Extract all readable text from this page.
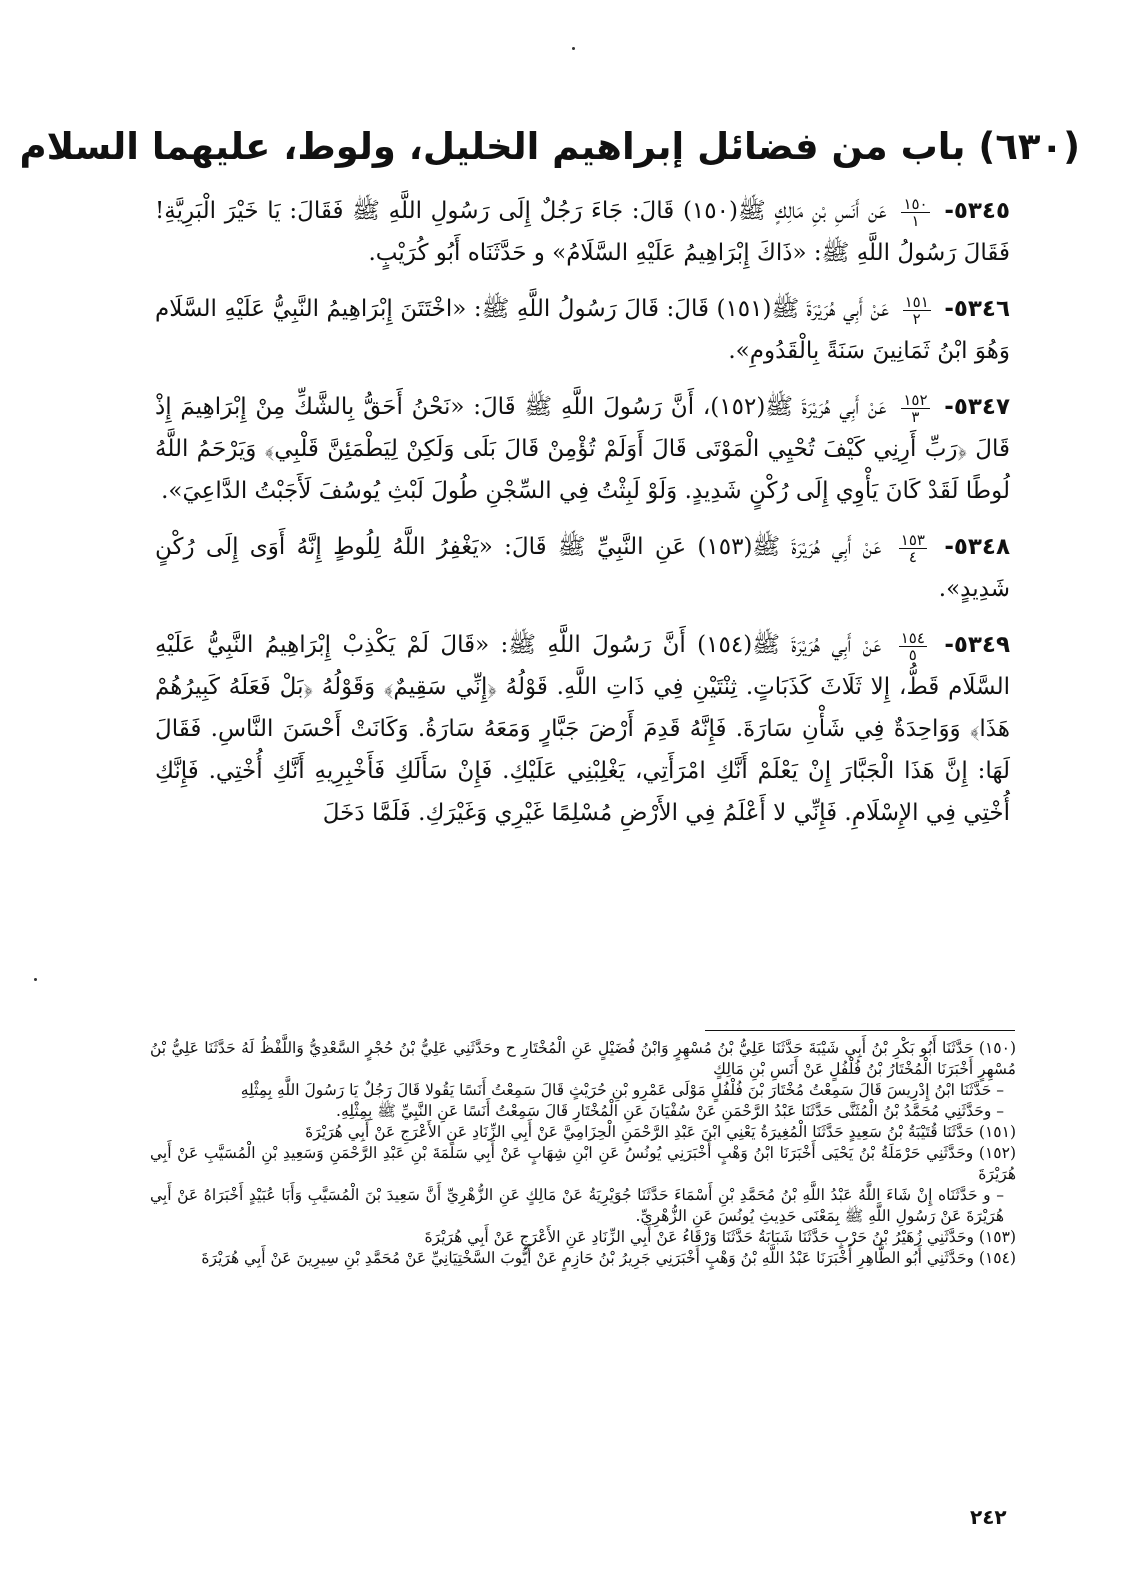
(٦٣٠) باب من فضائل إبراهيم الخليل، ولوط، عليهما السلام

٥٣٤٥-
$\frac{١٥٠}{١}$
عَن أَنَسِ بْنِ مَالِكٍ ﷺ(١٥٠) قَالَ: جَاءَ رَجُلٌ إِلَى رَسُولِ اللَّهِ ﷺ فَقَالَ: يَا خَيْرَ الْبَرِيَّةِ! فَقَالَ رَسُولُ اللَّهِ ﷺ: «ذَاكَ إِبْرَاهِيمُ عَلَيْهِ السَّلَامُ» و حَدَّثَنَاه أَبُو كُرَيْبٍ.

٥٣٤٦-
$\frac{١٥١}{٢}$
عَنْ أَبِي هُرَيْرَةَ ﷺ(١٥١) قَالَ: قَالَ رَسُولُ اللَّهِ ﷺ: «اخْتَتَنَ إِبْرَاهِيمُ النَّبِيُّ عَلَيْهِ السَّلَام وَهُوَ ابْنُ ثَمَانِينَ سَنَةً بِالْقَدُومِ».

٥٣٤٧-
$\frac{١٥٢}{٣}$
عَنْ أَبِي هُرَيْرَةَ ﷺ(١٥٢)، أَنَّ رَسُولَ اللَّهِ ﷺ قَالَ: «نَحْنُ أَحَقُّ بِالشَّكِّ مِنْ إِبْرَاهِيمَ إِذْ قَالَ ﴿رَبِّ أَرِنِي كَيْفَ تُحْيِي الْمَوْتَى قَالَ أَوَلَمْ تُؤْمِنْ قَالَ بَلَى وَلَكِنْ لِيَطْمَئِنَّ قَلْبِي﴾ وَيَرْحَمُ اللَّهُ لُوطًا لَقَدْ كَانَ يَأْوِي إِلَى رُكْنٍ شَدِيدٍ. وَلَوْ لَبِثْتُ فِي السِّجْنِ طُولَ لَبْثِ يُوسُفَ لَأَجَبْتُ الدَّاعِيَ».

٥٣٤٨-
$\frac{١٥٣}{٤}$
عَنْ أَبِي هُرَيْرَةَ ﷺ(١٥٣) عَنِ النَّبِيِّ ﷺ قَالَ: «يَغْفِرُ اللَّهُ لِلُوطٍ إِنَّهُ أَوَى إِلَى رُكْنٍ شَدِيدٍ».

٥٣٤٩-
$\frac{١٥٤}{٥}$
عَنْ أَبِي هُرَيْرَةَ ﷺ(١٥٤) أَنَّ رَسُولَ اللَّهِ ﷺ: «قَالَ لَمْ يَكْذِبْ إِبْرَاهِيمُ النَّبِيُّ عَلَيْهِ السَّلَام قَطُّ، إِلا ثَلَاثَ كَذَبَاتٍ. ثِنْتَيْنِ فِي ذَاتِ اللَّهِ. قَوْلُهُ ﴿إِنِّي سَقِيمٌ﴾ وَقَوْلُهُ ﴿بَلْ فَعَلَهُ كَبِيرُهُمْ هَذَا﴾ وَوَاحِدَةٌ فِي شَأْنِ سَارَةَ. فَإِنَّهُ قَدِمَ أَرْضَ جَبَّارٍ وَمَعَهُ سَارَةُ. وَكَانَتْ أَحْسَنَ النَّاسِ. فَقَالَ لَهَا: إِنَّ هَذَا الْجَبَّارَ إِنْ يَعْلَمْ أَنَّكِ امْرَأَتِي، يَغْلِبْنِي عَلَيْكِ. فَإِنْ سَأَلَكِ فَأَخْبِرِيهِ أَنَّكِ أُخْتِي. فَإِنَّكِ أُخْتِي فِي الإِسْلَامِ. فَإِنِّي لا أَعْلَمُ فِي الأَرْضِ مُسْلِمًا غَيْرِي وَغَيْرَكِ. فَلَمَّا دَخَلَ

(١٥٠) حَدَّثَنَا أَبُو بَكْرِ بْنُ أَبِي شَيْبَةَ حَدَّثَنَا عَلِيُّ بْنُ مُسْهِرٍ وَابْنُ فُضَيْلٍ عَنِ الْمُخْتَارِ ح وحَدَّثَنِي عَلِيُّ بْنُ حُجْرٍ السَّعْدِيُّ وَاللَّفْظُ لَهُ حَدَّثَنَا عَلِيُّ بْنُ مُسْهِرٍ أَخْبَرَنَا الْمُخْتَارُ بْنُ فُلْفُلٍ عَنْ أَنَسِ بْنِ مَالِكٍ

– حَدَّثَنَا ابْنُ إِدْرِيسَ قَالَ سَمِعْتُ مُخْتَارَ بْنَ فُلْفُلٍ مَوْلَى عَمْرِو بْنِ حُرَيْثٍ قَالَ سَمِعْتُ أَنَسًا يَقُولا قَالَ رَجُلٌ يَا رَسُولَ اللَّهِ بِمِثْلِهِ

– وحَدَّثَنِي مُحَمَّدُ بْنُ الْمُثَنَّى حَدَّثَنَا عَبْدُ الرَّحْمَنِ عَنْ سُفْيَانَ عَنِ الْمُخْتَارِ قَالَ سَمِعْتُ أَنَسًا عَنِ النَّبِيِّ ﷺ بِمِثْلِهِ.

(١٥١) حَدَّثَنَا قُتَيْبَةُ بْنُ سَعِيدٍ حَدَّثَنَا الْمُغِيرَةُ يَعْنِي ابْنَ عَبْدِ الرَّحْمَنِ الْحِزَامِيَّ عَنْ أَبِي الزِّنَادِ عَنِ الأَعْرَجِ عَنْ أَبِي هُرَيْرَةَ

(١٥٢) وحَدَّثَنِي حَرْمَلَةُ بْنُ يَحْيَى أَخْبَرَنَا ابْنُ وَهْبٍ أَخْبَرَنِي يُونُسُ عَنِ ابْنِ شِهَابٍ عَنْ أَبِي سَلَمَةَ بْنِ عَبْدِ الرَّحْمَنِ وَسَعِيدِ بْنِ الْمُسَيَّبِ عَنْ أَبِي هُرَيْرَةَ

– و حَدَّثَنَاه إِنْ شَاءَ اللَّهُ عَبْدُ اللَّهِ بْنُ مُحَمَّدِ بْنِ أَسْمَاءَ حَدَّثَنَا جُوَيْرِيَةُ عَنْ مَالِكٍ عَنِ الزُّهْرِيِّ أَنَّ سَعِيدَ بْنَ الْمُسَيَّبِ وَأَبَا عُبَيْدٍ أَخْبَرَاهُ عَنْ أَبِي هُرَيْرَةَ عَنْ رَسُولِ اللَّهِ ﷺ بِمَعْنَى حَدِيثِ يُونُسَ عَنِ الزُّهْرِيِّ.

(١٥٣) وحَدَّثَنِي زُهَيْرُ بْنُ حَرْبٍ حَدَّثَنَا شَبَابَةُ حَدَّثَنَا وَرْقَاءُ عَنْ أَبِي الزِّنَادِ عَنِ الأَعْرَجِ عَنْ أَبِي هُرَيْرَةَ

(١٥٤) وحَدَّثَنِي أَبُو الطَّاهِرِ أَخْبَرَنَا عَبْدُ اللَّهِ بْنُ وَهْبٍ أَخْبَرَنِي جَرِيرُ بْنُ حَازِمٍ عَنْ أَيُّوبَ السَّخْتِيَانِيِّ عَنْ مُحَمَّدِ بْنِ سِيرِينَ عَنْ أَبِي هُرَيْرَةَ

٢٤٢
